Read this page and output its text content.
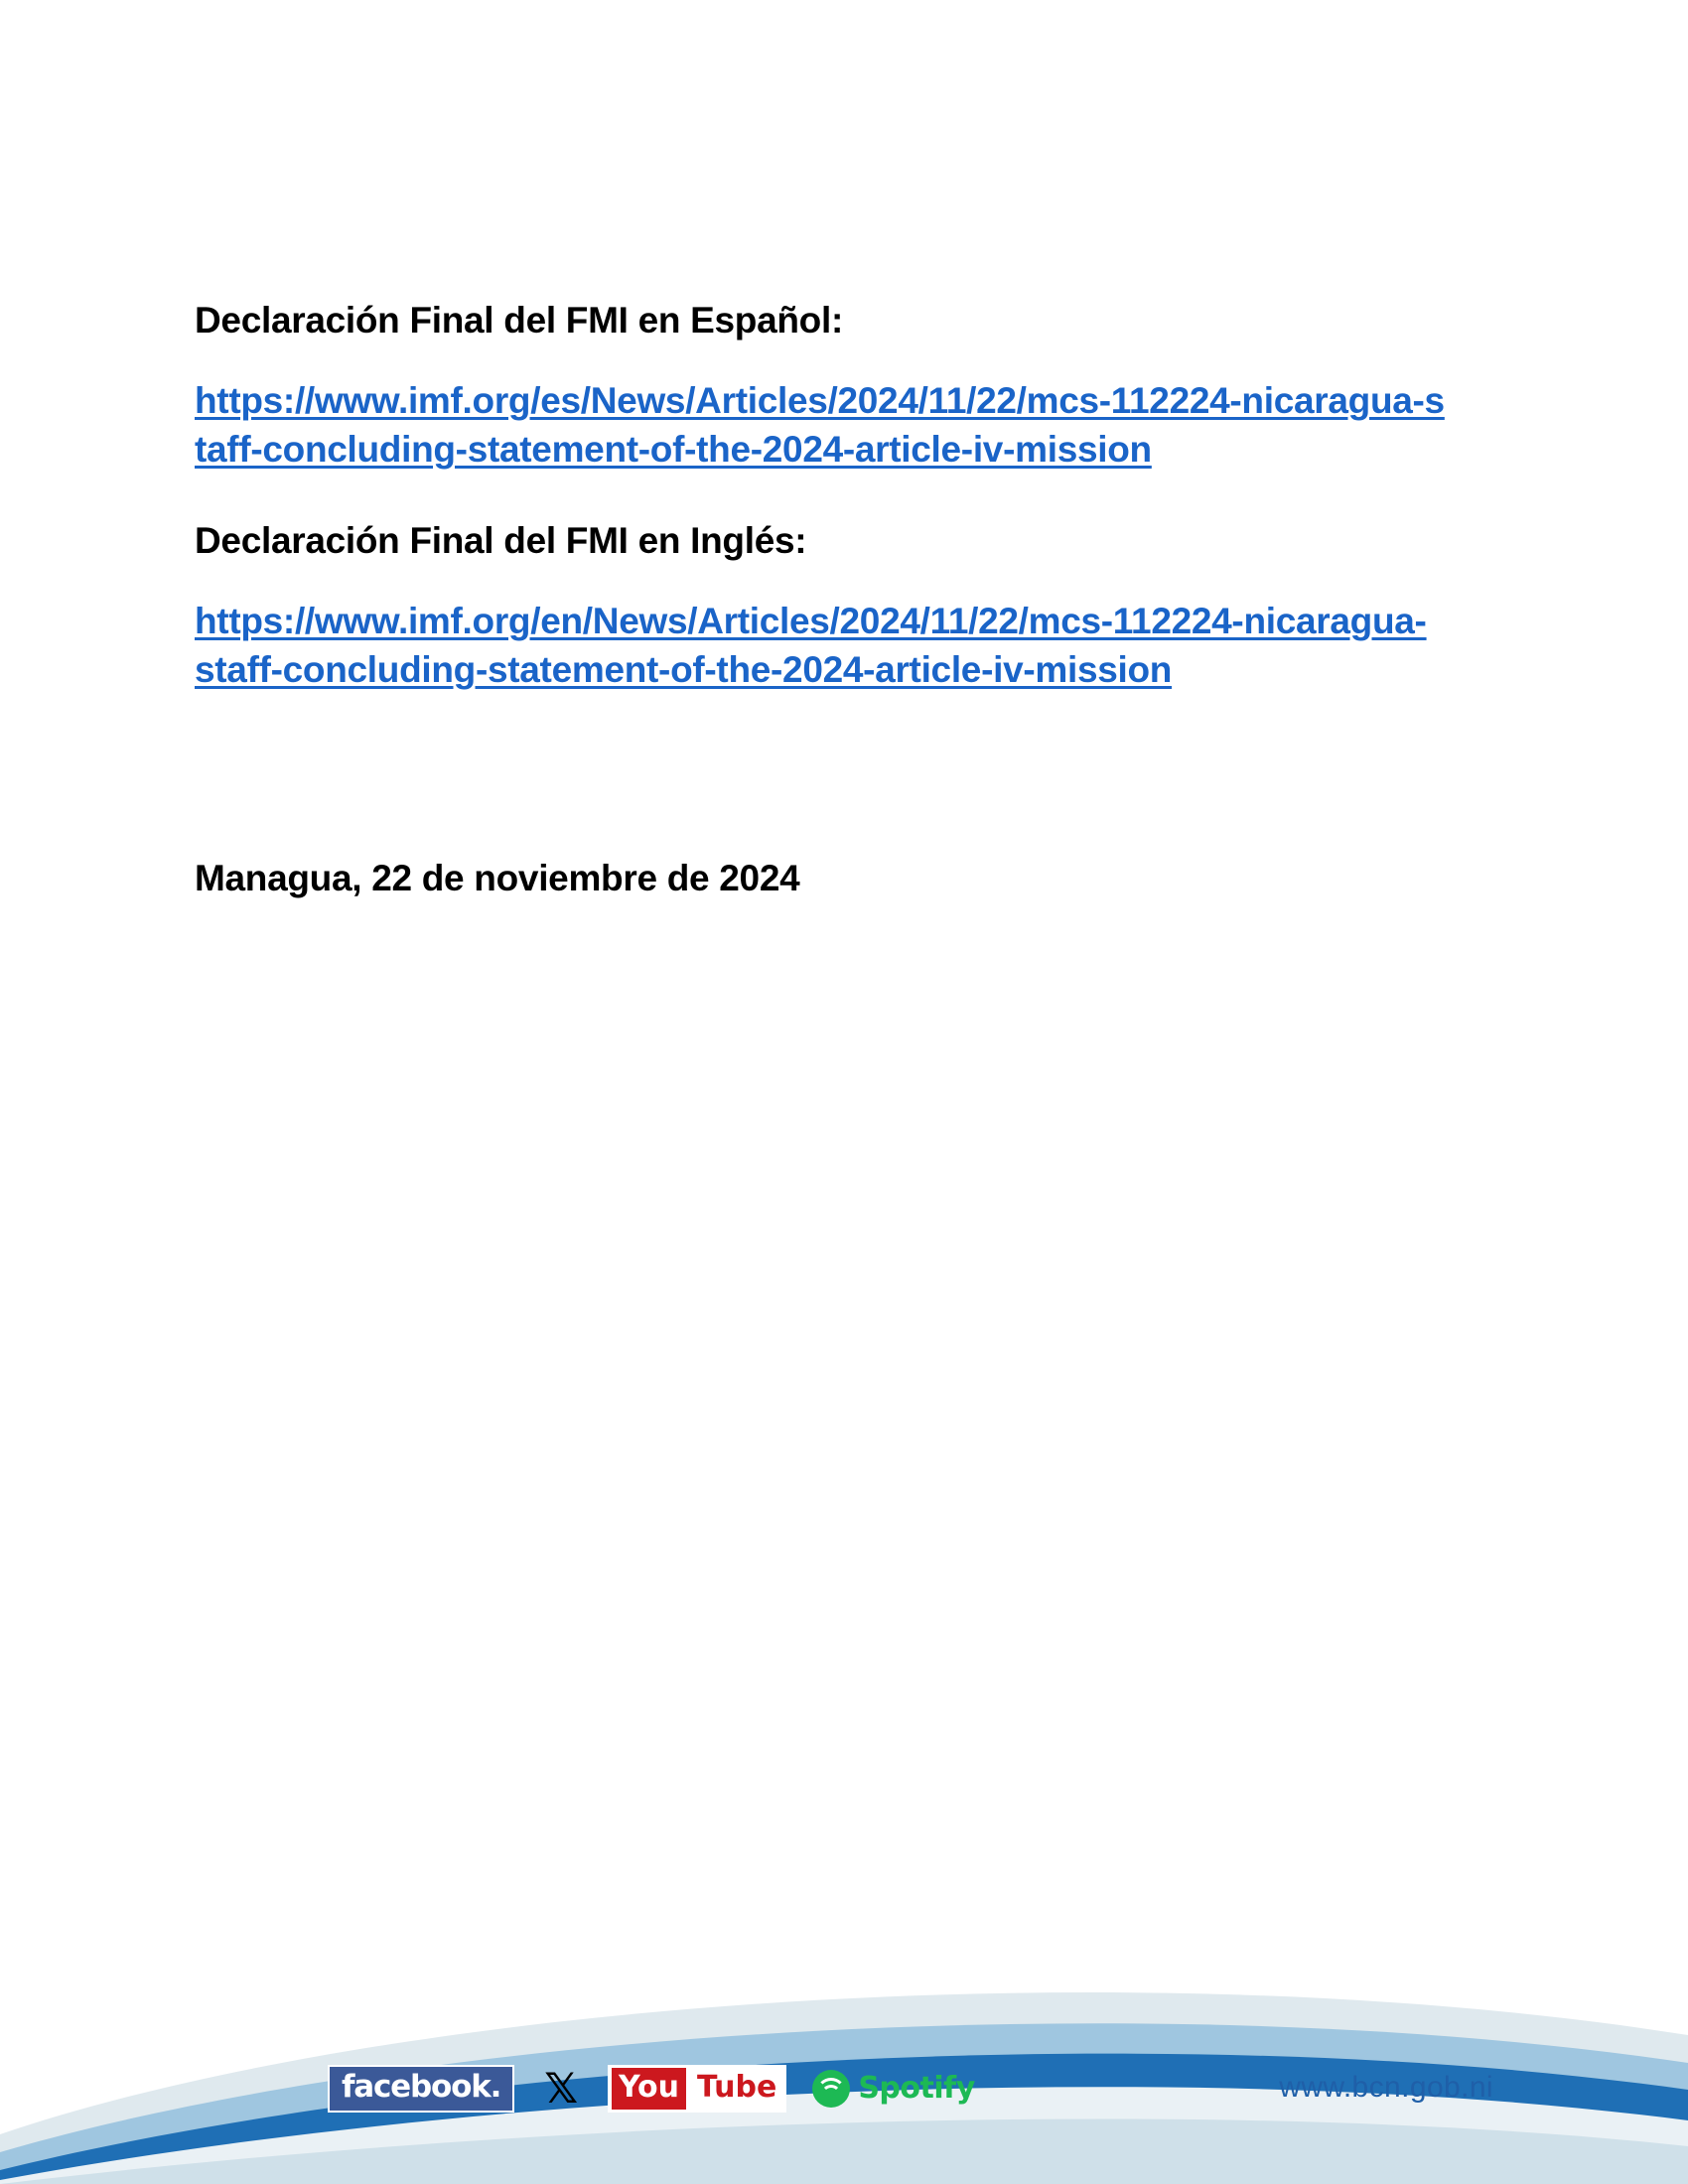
Declaración Final del FMI en Español:

https://www.imf.org/es/News/Articles/2024/11/22/mcs-112224-nicaragua-staff-concluding-statement-of-the-2024-article-iv-mission

Declaración Final del FMI en Inglés:

https://www.imf.org/en/News/Articles/2024/11/22/mcs-112224-nicaragua-staff-concluding-statement-of-the-2024-article-iv-mission

Managua, 22 de noviembre de 2024

facebook.	𝕏 You Tube	Spotify	www.bcn.gob.ni
